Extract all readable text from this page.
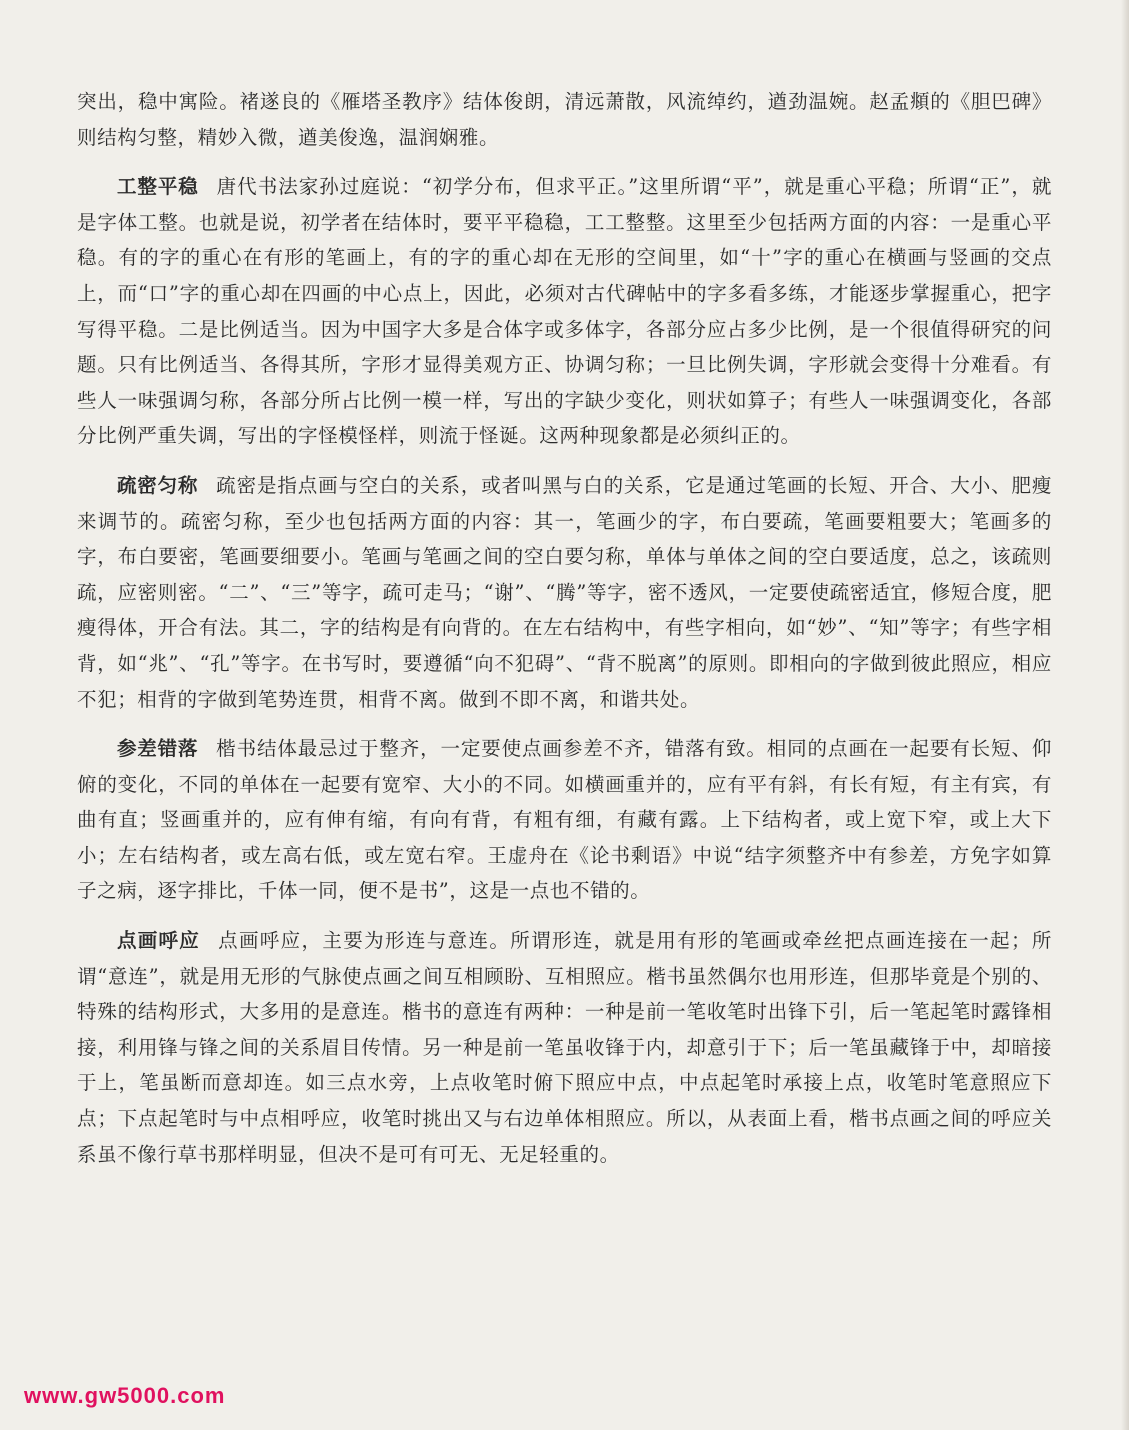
突出，稳中寓险。褚遂良的《雁塔圣教序》结体俊朗，清远萧散，风流绰约，遒劲温婉。赵孟頫的《胆巴碑》则结构匀整，精妙入微，遒美俊逸，温润娴雅。

工整平稳 唐代书法家孙过庭说：“初学分布，但求平正。”这里所谓“平”，就是重心平稳；所谓“正”，就是字体工整。也就是说，初学者在结体时，要平平稳稳，工工整整。这里至少包括两方面的内容：一是重心平稳。有的字的重心在有形的笔画上，有的字的重心却在无形的空间里，如“十”字的重心在横画与竖画的交点上，而“口”字的重心却在四画的中心点上，因此，必须对古代碑帖中的字多看多练，才能逐步掌握重心，把字写得平稳。二是比例适当。因为中国字大多是合体字或多体字，各部分应占多少比例，是一个很值得研究的问题。只有比例适当、各得其所，字形才显得美观方正、协调匀称；一旦比例失调，字形就会变得十分难看。有些人一味强调匀称，各部分所占比例一模一样，写出的字缺少变化，则状如算子；有些人一味强调变化，各部分比例严重失调，写出的字怪模怪样，则流于怪诞。这两种现象都是必须纠正的。

疏密匀称 疏密是指点画与空白的关系，或者叫黑与白的关系，它是通过笔画的长短、开合、大小、肥瘦来调节的。疏密匀称，至少也包括两方面的内容：其一，笔画少的字，布白要疏，笔画要粗要大；笔画多的字，布白要密，笔画要细要小。笔画与笔画之间的空白要匀称，单体与单体之间的空白要适度，总之，该疏则疏，应密则密。“二”、“三”等字，疏可走马；“谢”、“腾”等字，密不透风，一定要使疏密适宜，修短合度，肥瘦得体，开合有法。其二，字的结构是有向背的。在左右结构中，有些字相向，如“妙”、“知”等字；有些字相背，如“兆”、“孔”等字。在书写时，要遵循“向不犯碍”、“背不脱离”的原则。即相向的字做到彼此照应，相应不犯；相背的字做到笔势连贯，相背不离。做到不即不离，和谐共处。

参差错落 楷书结体最忌过于整齐，一定要使点画参差不齐，错落有致。相同的点画在一起要有长短、仰俯的变化，不同的单体在一起要有宽窄、大小的不同。如横画重并的，应有平有斜，有长有短，有主有宾，有曲有直；竖画重并的，应有伸有缩，有向有背，有粗有细，有藏有露。上下结构者，或上宽下窄，或上大下小；左右结构者，或左高右低，或左宽右窄。王虚舟在《论书剩语》中说“结字须整齐中有参差，方免字如算子之病，逐字排比，千体一同，便不是书”，这是一点也不错的。

点画呼应 点画呼应，主要为形连与意连。所谓形连，就是用有形的笔画或牵丝把点画连接在一起；所谓“意连”，就是用无形的气脉使点画之间互相顾盼、互相照应。楷书虽然偶尔也用形连，但那毕竟是个别的、特殊的结构形式，大多用的是意连。楷书的意连有两种：一种是前一笔收笔时出锋下引，后一笔起笔时露锋相接，利用锋与锋之间的关系眉目传情。另一种是前一笔虽收锋于内，却意引于下；后一笔虽藏锋于中，却暗接于上，笔虽断而意却连。如三点水旁，上点收笔时俯下照应中点，中点起笔时承接上点，收笔时笔意照应下点；下点起笔时与中点相呼应，收笔时挑出又与右边单体相照应。所以，从表面上看，楷书点画之间的呼应关系虽不像行草书那样明显，但决不是可有可无、无足轻重的。

www.gw5000.com
